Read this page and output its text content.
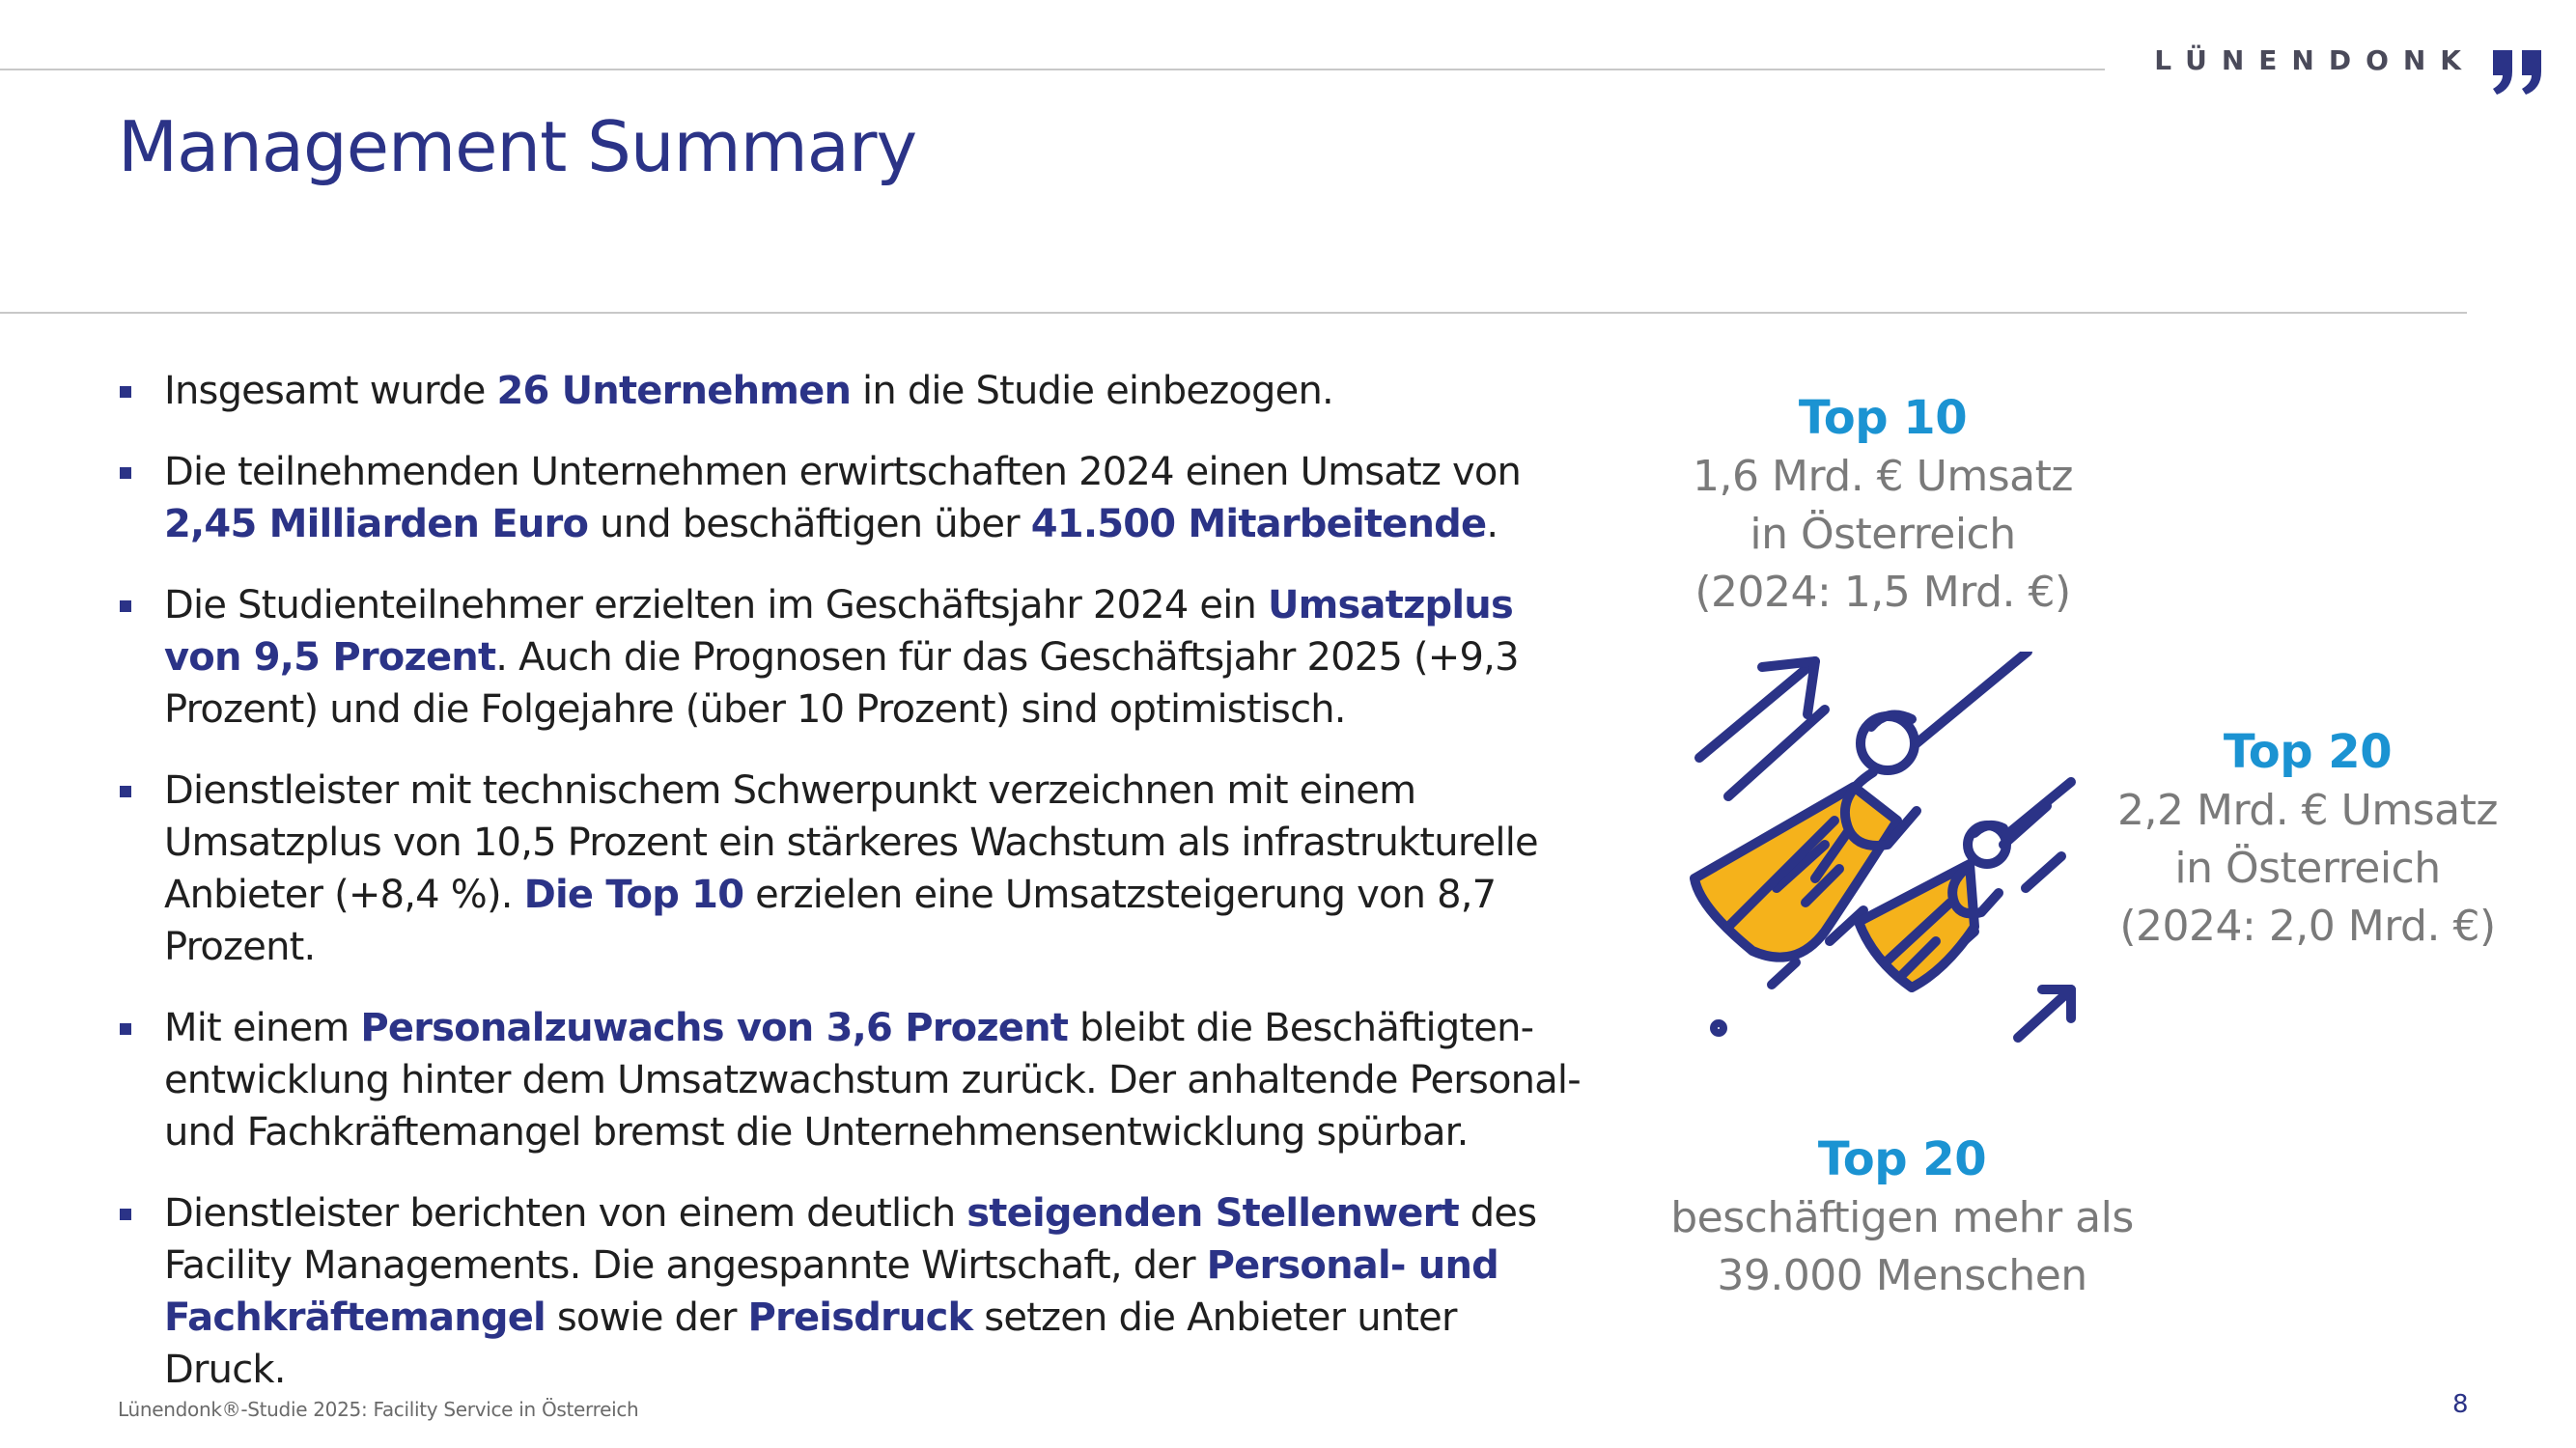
LÜNENDONK
Management Summary
Insgesamt wurde 26 Unternehmen in die Studie einbezogen.
Die teilnehmenden Unternehmen erwirtschaften 2024 einen Umsatz von 2,45 Milliarden Euro und beschäftigen über 41.500 Mitarbeitende.
Die Studienteilnehmer erzielten im Geschäftsjahr 2024 ein Umsatzplus von 9,5 Prozent. Auch die Prognosen für das Geschäftsjahr 2025 (+9,3 Prozent) und die Folgejahre (über 10 Prozent) sind optimistisch.
Dienstleister mit technischem Schwerpunkt verzeichnen mit einem Umsatzplus von 10,5 Prozent ein stärkeres Wachstum als infrastrukturelle Anbieter (+8,4 %). Die Top 10 erzielen eine Umsatzsteigerung von 8,7 Prozent.
Mit einem Personalzuwachs von 3,6 Prozent bleibt die Beschäftigten-entwicklung hinter dem Umsatzwachstum zurück. Der anhaltende Personal- und Fachkräftemangel bremst die Unternehmensentwicklung spürbar.
Dienstleister berichten von einem deutlich steigenden Stellenwert des Facility Managements. Die angespannte Wirtschaft, der Personal- und Fachkräftemangel sowie der Preisdruck setzen die Anbieter unter Druck.
Top 10
1,6 Mrd. € Umsatz
in Österreich
(2024: 1,5 Mrd. €)
Top 20
2,2 Mrd. € Umsatz
in Österreich
(2024: 2,0 Mrd. €)
Top 20
beschäftigen mehr als
39.000 Menschen
Lünendonk®-Studie 2025: Facility Service in Österreich	8
